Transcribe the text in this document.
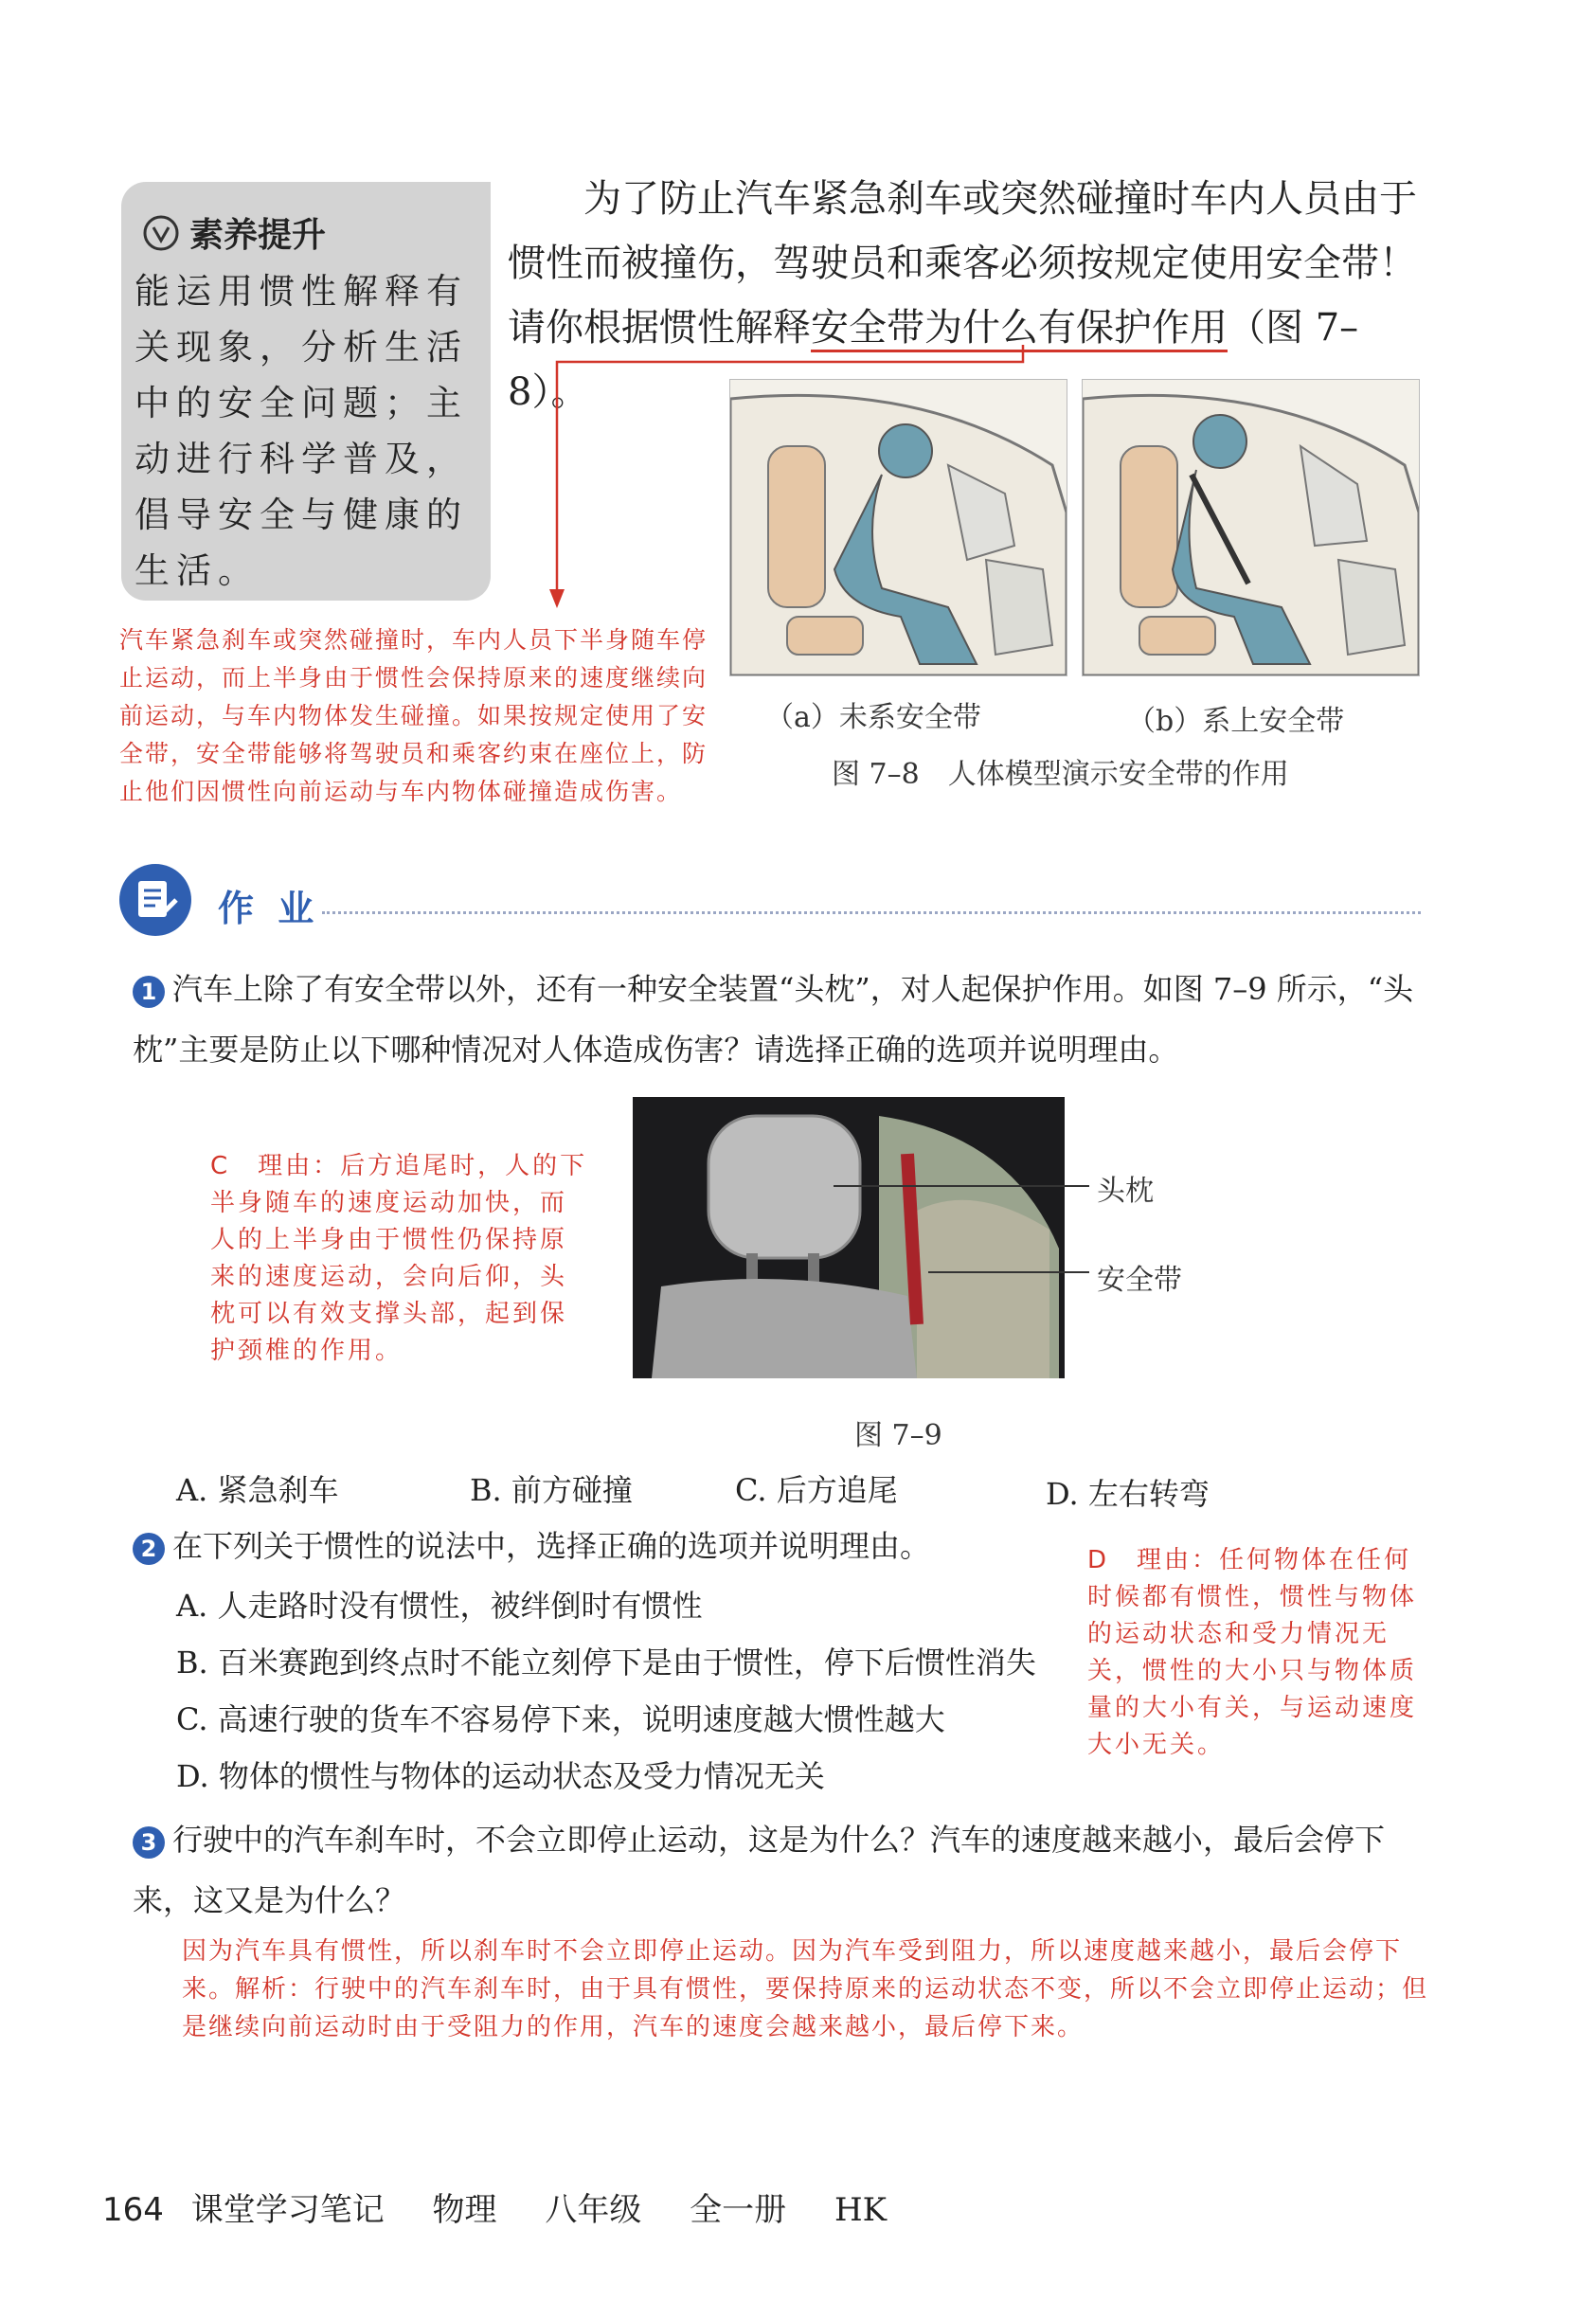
素养提升
能运用惯性解释有关现象，分析生活中的安全问题；主动进行科学普及，倡导安全与健康的生活。
为了防止汽车紧急刹车或突然碰撞时车内人员由于惯性而被撞伤，驾驶员和乘客必须按规定使用安全带！请你根据惯性解释安全带为什么有保护作用（图 7–8）。
汽车紧急刹车或突然碰撞时，车内人员下半身随车停止运动，而上半身由于惯性会保持原来的速度继续向前运动，与车内物体发生碰撞。如果按规定使用了安全带，安全带能够将驾驶员和乘客约束在座位上，防止他们因惯性向前运动与车内物体碰撞造成伤害。
（a）未系安全带	（b）系上安全带
图 7–8　人体模型演示安全带的作用
作 业
1 汽车上除了有安全带以外，还有一种安全装置“头枕”，对人起保护作用。如图 7–9 所示，“头枕”主要是防止以下哪种情况对人体造成伤害？请选择正确的选项并说明理由。
C　理由：后方追尾时，人的下半身随车的速度运动加快，而人的上半身由于惯性仍保持原来的速度运动，会向后仰，头枕可以有效支撑头部，起到保护颈椎的作用。
头枕
安全带
图 7–9
A. 紧急刹车	B. 前方碰撞	C. 后方追尾	D. 左右转弯
2 在下列关于惯性的说法中，选择正确的选项并说明理由。
A. 人走路时没有惯性，被绊倒时有惯性
B. 百米赛跑到终点时不能立刻停下是由于惯性，停下后惯性消失
C. 高速行驶的货车不容易停下来，说明速度越大惯性越大
D. 物体的惯性与物体的运动状态及受力情况无关
D　理由：任何物体在任何时候都有惯性，惯性与物体的运动状态和受力情况无关，惯性的大小只与物体质量的大小有关，与运动速度大小无关。
3 行驶中的汽车刹车时，不会立即停止运动，这是为什么？汽车的速度越来越小，最后会停下来，这又是为什么？
因为汽车具有惯性，所以刹车时不会立即停止运动。因为汽车受到阻力，所以速度越来越小，最后会停下来。解析：行驶中的汽车刹车时，由于具有惯性，要保持原来的运动状态不变，所以不会立即停止运动；但是继续向前运动时由于受阻力的作用，汽车的速度会越来越小，最后停下来。
164 课堂学习笔记 物理 八年级 全一册 HK
